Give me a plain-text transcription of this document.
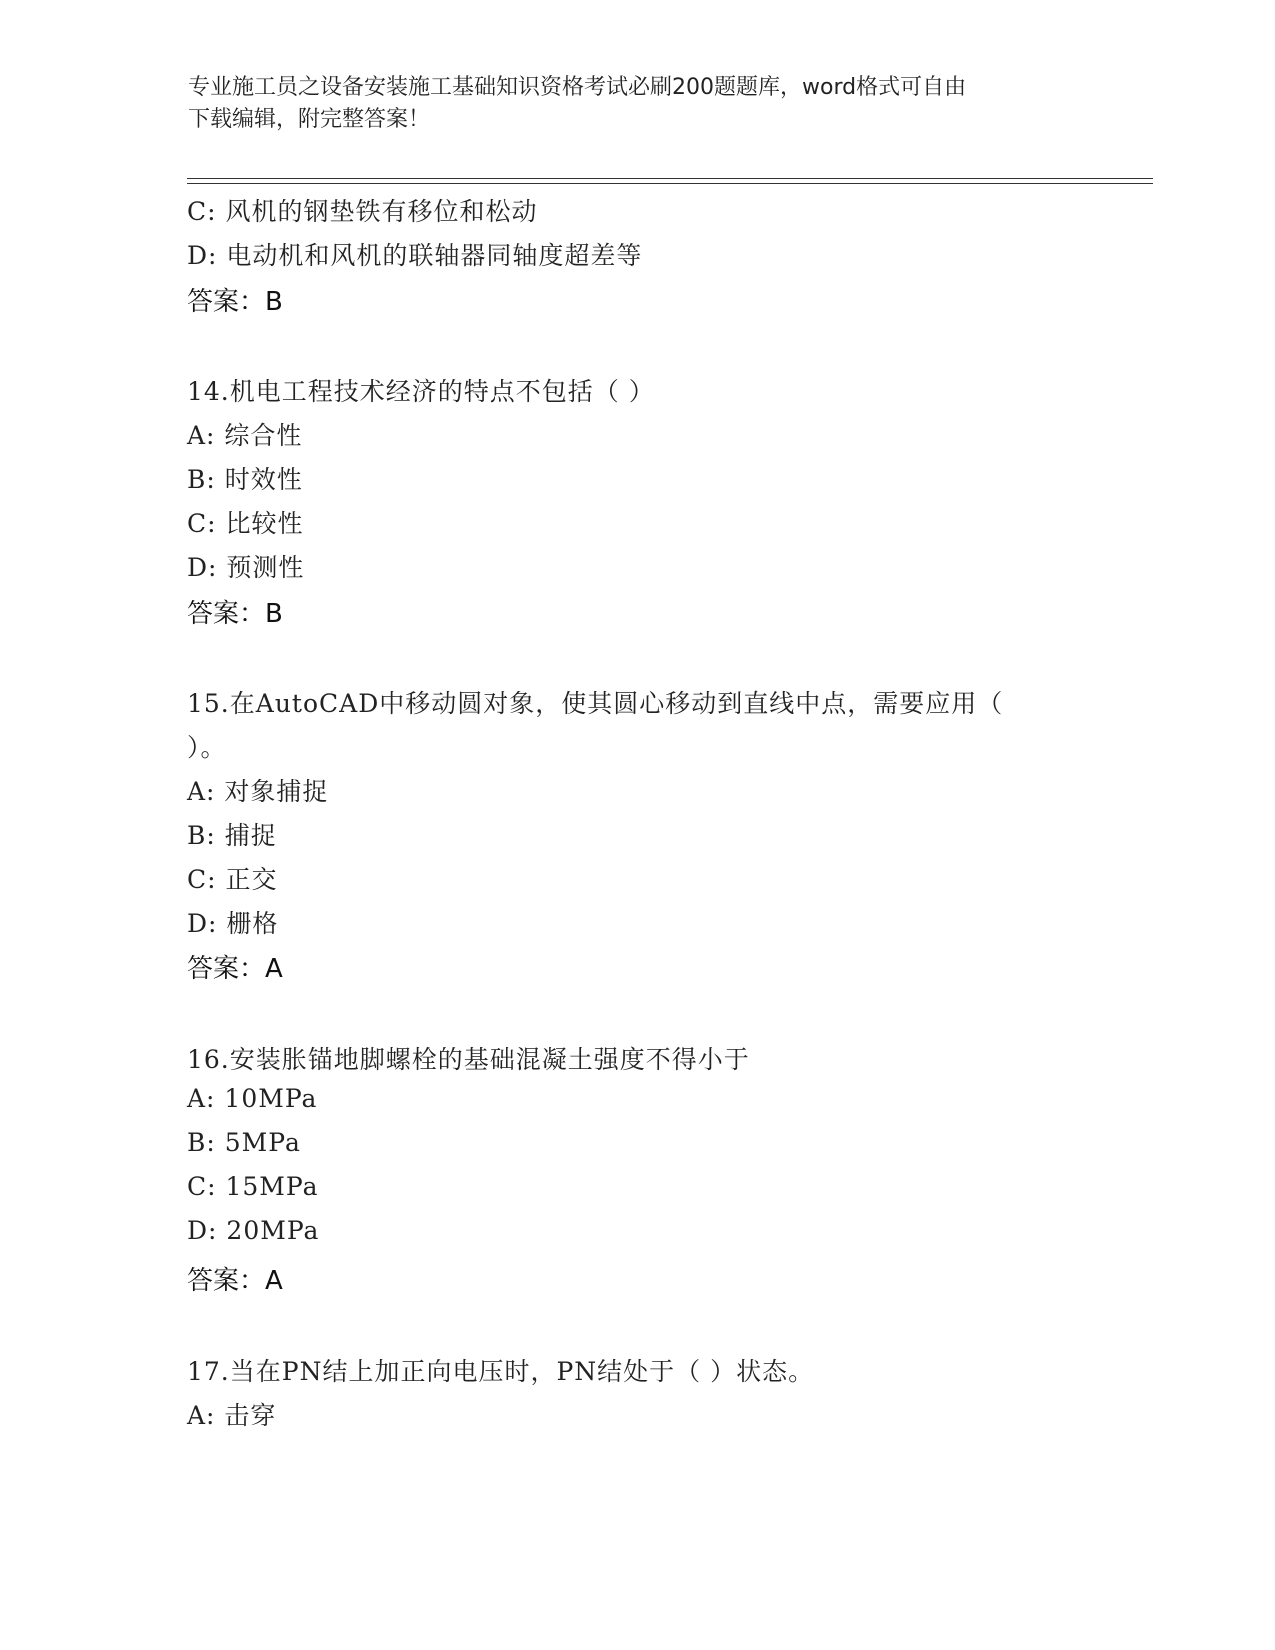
专业施工员之设备安装施工基础知识资格考试必刷200题题库，word格式可自由
下载编辑，附完整答案！
C: 风机的钢垫铁有移位和松动
D: 电动机和风机的联轴器同轴度超差等
答案：B
14.机电工程技术经济的特点不包括（ ）
A: 综合性
B: 时效性
C: 比较性
D: 预测性
答案：B
15.在AutoCAD中移动圆对象，使其圆心移动到直线中点，需要应用（
）。
A: 对象捕捉
B: 捕捉
C: 正交
D: 栅格
答案：A
16.安装胀锚地脚螺栓的基础混凝土强度不得小于
A: 10MPa
B: 5MPa
C: 15MPa
D: 20MPa
答案：A
17.当在PN结上加正向电压时，PN结处于（ ）状态。
A: 击穿
